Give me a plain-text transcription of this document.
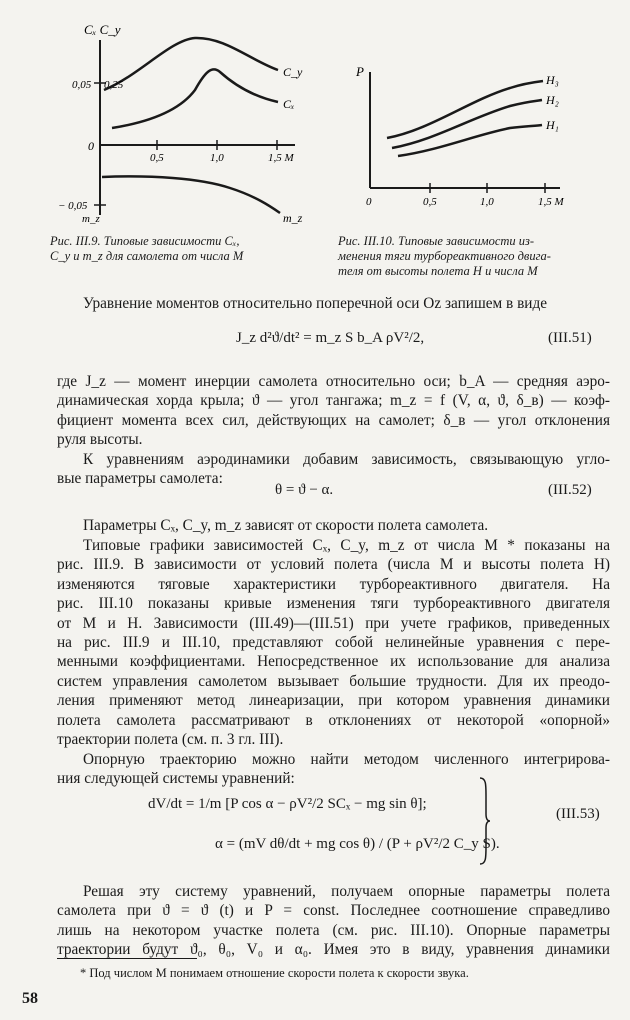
Cₓ C_y
0,05 0,25
0
− 0,05
m_z
0,5	1,0	1,5 M
C_y
Cₓ
m_z
Рис. III.9. Типовые зависимости Cₓ,
C_y и m_z для самолета от числа M
P
0	0,5	1,0	1,5 M
H₃
H₂
H₁
Рис. III.10. Типовые зависимости из-
менения тяги турбореактивного двига-
теля от высоты полета H и числа M
Уравнение моментов относительно поперечной оси Oz запишем в виде
J_z d²ϑ/dt² = m_z S b_A ρV²/2,	(III.51)
где J_z — момент инерции самолета относительно оси; b_A — средняя аэро-
динамическая хорда крыла; ϑ — угол тангажа; m_z = f (V, α, ϑ, δ_в) — коэф-
фициент момента всех сил, действующих на самолет; δ_в — угол отклонения
руля высоты.
К уравнениям аэродинамики добавим зависимость, связывающую угло-
вые параметры самолета:
θ = ϑ − α.	(III.52)
Параметры Cₓ, C_y, m_z зависят от скорости полета самолета.
Типовые графики зависимостей Cₓ, C_y, m_z от числа M * показаны на
рис. III.9. В зависимости от условий полета (числа M и высоты полета H)
изменяются тяговые характеристики турбореактивного двигателя. На
рис. III.10 показаны кривые изменения тяги турбореактивного двигателя
от M и H. Зависимости (III.49)—(III.51) при учете графиков, приведенных
на рис. III.9 и III.10, представляют собой нелинейные уравнения с пере-
менными коэффициентами. Непосредственное их использование для анализа
систем управления самолетом вызывает большие трудности. Для их преодо-
ления применяют метод линеаризации, при котором уравнения динамики
полета самолета рассматривают в отклонениях от некоторой «опорной»
траектории полета (см. п. 3 гл. III).
Опорную траекторию можно найти методом численного интегрирова-
ния следующей системы уравнений:
dV/dt = 1/m [P cos α − ρV²/2 SCₓ − mg sin θ];
α = (mV dθ/dt + mg cos θ) / (P + ρV²/2 C_y S).
(III.53)
Решая эту систему уравнений, получаем опорные параметры полета
самолета при ϑ = ϑ (t) и P = const. Последнее соотношение справедливо
лишь на некотором участке полета (см. рис. III.10). Опорные параметры
траектории будут ϑ₀, θ₀, V₀ и α₀. Имея это в виду, уравнения динамики
* Под числом M понимаем отношение скорости полета к скорости звука.
58
